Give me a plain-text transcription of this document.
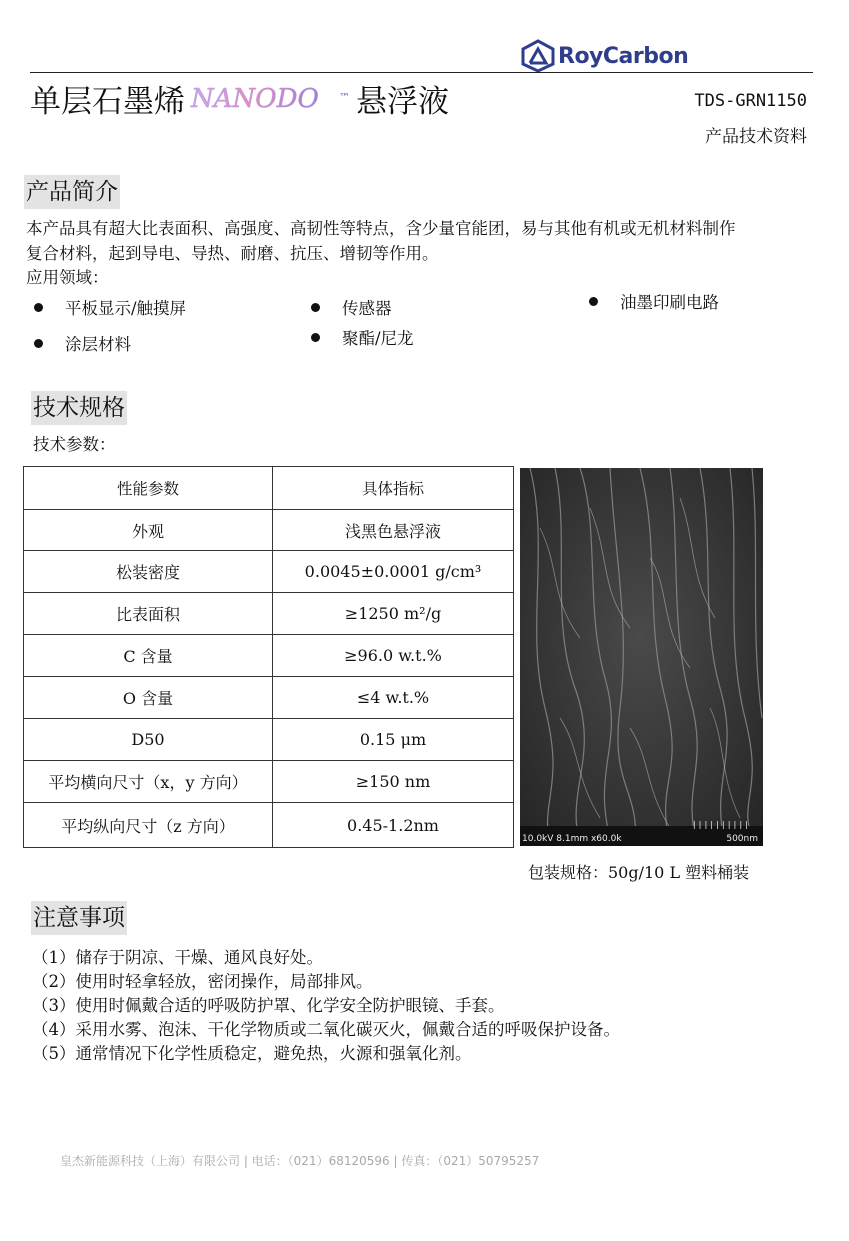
RoyCarbon
单层石墨烯 NANODO ™ 悬浮液	TDS-GRN1150
产品技术资料
产品简介
本产品具有超大比表面积、高强度、高韧性等特点，含少量官能团，易与其他有机或无机材料制作
复合材料，起到导电、导热、耐磨、抗压、增韧等作用。
应用领域：
平板显示/触摸屏
涂层材料
传感器
聚酯/尼龙
油墨印刷电路
技术规格
技术参数：
性能参数	具体指标
外观	浅黑色悬浮液
松装密度	0.0045±0.0001 g/cm³
比表面积	≥1250 m²/g
C 含量	≥96.0 w.t.%
O 含量	≤4 w.t.%
D50	0.15 μm
平均横向尺寸（x，y 方向）	≥150 nm
平均纵向尺寸（z 方向）	0.45-1.2nm
10.0kV 8.1mm x60.0k
||||||||||
500nm
包装规格：50g/10 L 塑料桶装
注意事项
（1）储存于阴凉、干燥、通风良好处。
（2）使用时轻拿轻放，密闭操作，局部排风。
（3）使用时佩戴合适的呼吸防护罩、化学安全防护眼镜、手套。
（4）采用水雾、泡沫、干化学物质或二氧化碳灭火，佩戴合适的呼吸保护设备。
（5）通常情况下化学性质稳定，避免热，火源和强氧化剂。
皇杰新能源科技（上海）有限公司 | 电话：（021）68120596 | 传真：（021）50795257
